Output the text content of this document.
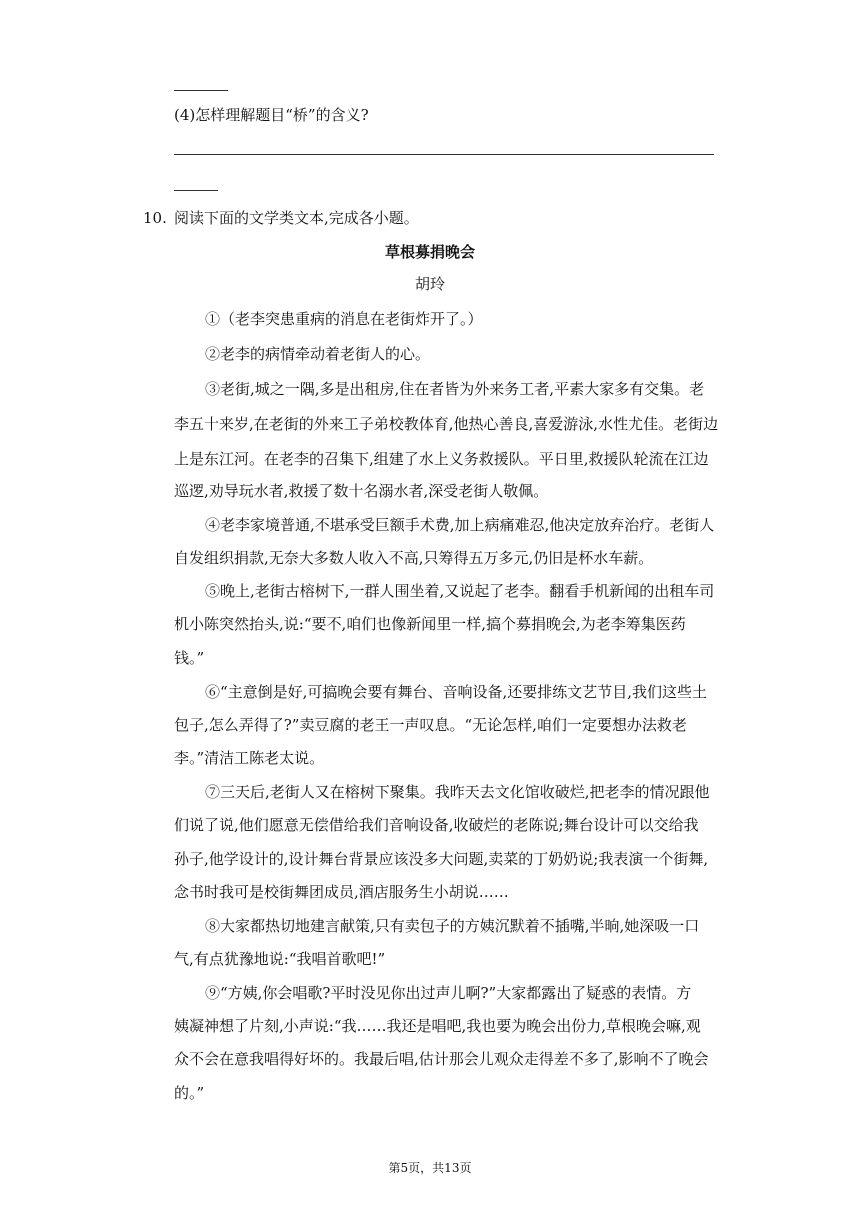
(4)怎样理解题目“桥”的含义?
10. 阅读下面的文学类文本,完成各小题。
草根募捐晚会
胡玲
①（老李突患重病的消息在老街炸开了。）
②老李的病情牵动着老街人的心。
③老街,城之一隅,多是出租房,住在者皆为外来务工者,平素大家多有交集。老
李五十来岁,在老街的外来工子弟校教体育,他热心善良,喜爱游泳,水性尤佳。老街边
上是东江河。在老李的召集下,组建了水上义务救援队。平日里,救援队轮流在江边
巡逻,劝导玩水者,救援了数十名溺水者,深受老街人敬佩。
④老李家境普通,不堪承受巨额手术费,加上病痛难忍,他决定放弃治疗。老街人
自发组织捐款,无奈大多数人收入不高,只筹得五万多元,仍旧是杯水车薪。
⑤晚上,老街古榕树下,一群人围坐着,又说起了老李。翻看手机新闻的出租车司
机小陈突然抬头,说:“要不,咱们也像新闻里一样,搞个募捐晚会,为老李筹集医药
钱。”
⑥“主意倒是好,可搞晚会要有舞台、音响设备,还要排练文艺节目,我们这些土
包子,怎么弄得了?”卖豆腐的老王一声叹息。“无论怎样,咱们一定要想办法救老
李。”清洁工陈老太说。
⑦三天后,老街人又在榕树下聚集。我昨天去文化馆收破烂,把老李的情况跟他
们说了说,他们愿意无偿借给我们音响设备,收破烂的老陈说;舞台设计可以交给我
孙子,他学设计的,设计舞台背景应该没多大问题,卖菜的丁奶奶说;我表演一个街舞,
念书时我可是校街舞团成员,酒店服务生小胡说……
⑧大家都热切地建言献策,只有卖包子的方姨沉默着不插嘴,半晌,她深吸一口
气,有点犹豫地说:“我唱首歌吧!”
⑨“方姨,你会唱歌?平时没见你出过声儿啊?”大家都露出了疑惑的表情。方
姨凝神想了片刻,小声说:“我……我还是唱吧,我也要为晚会出份力,草根晚会嘛,观
众不会在意我唱得好坏的。我最后唱,估计那会儿观众走得差不多了,影响不了晚会
的。”
第5页，共13页
